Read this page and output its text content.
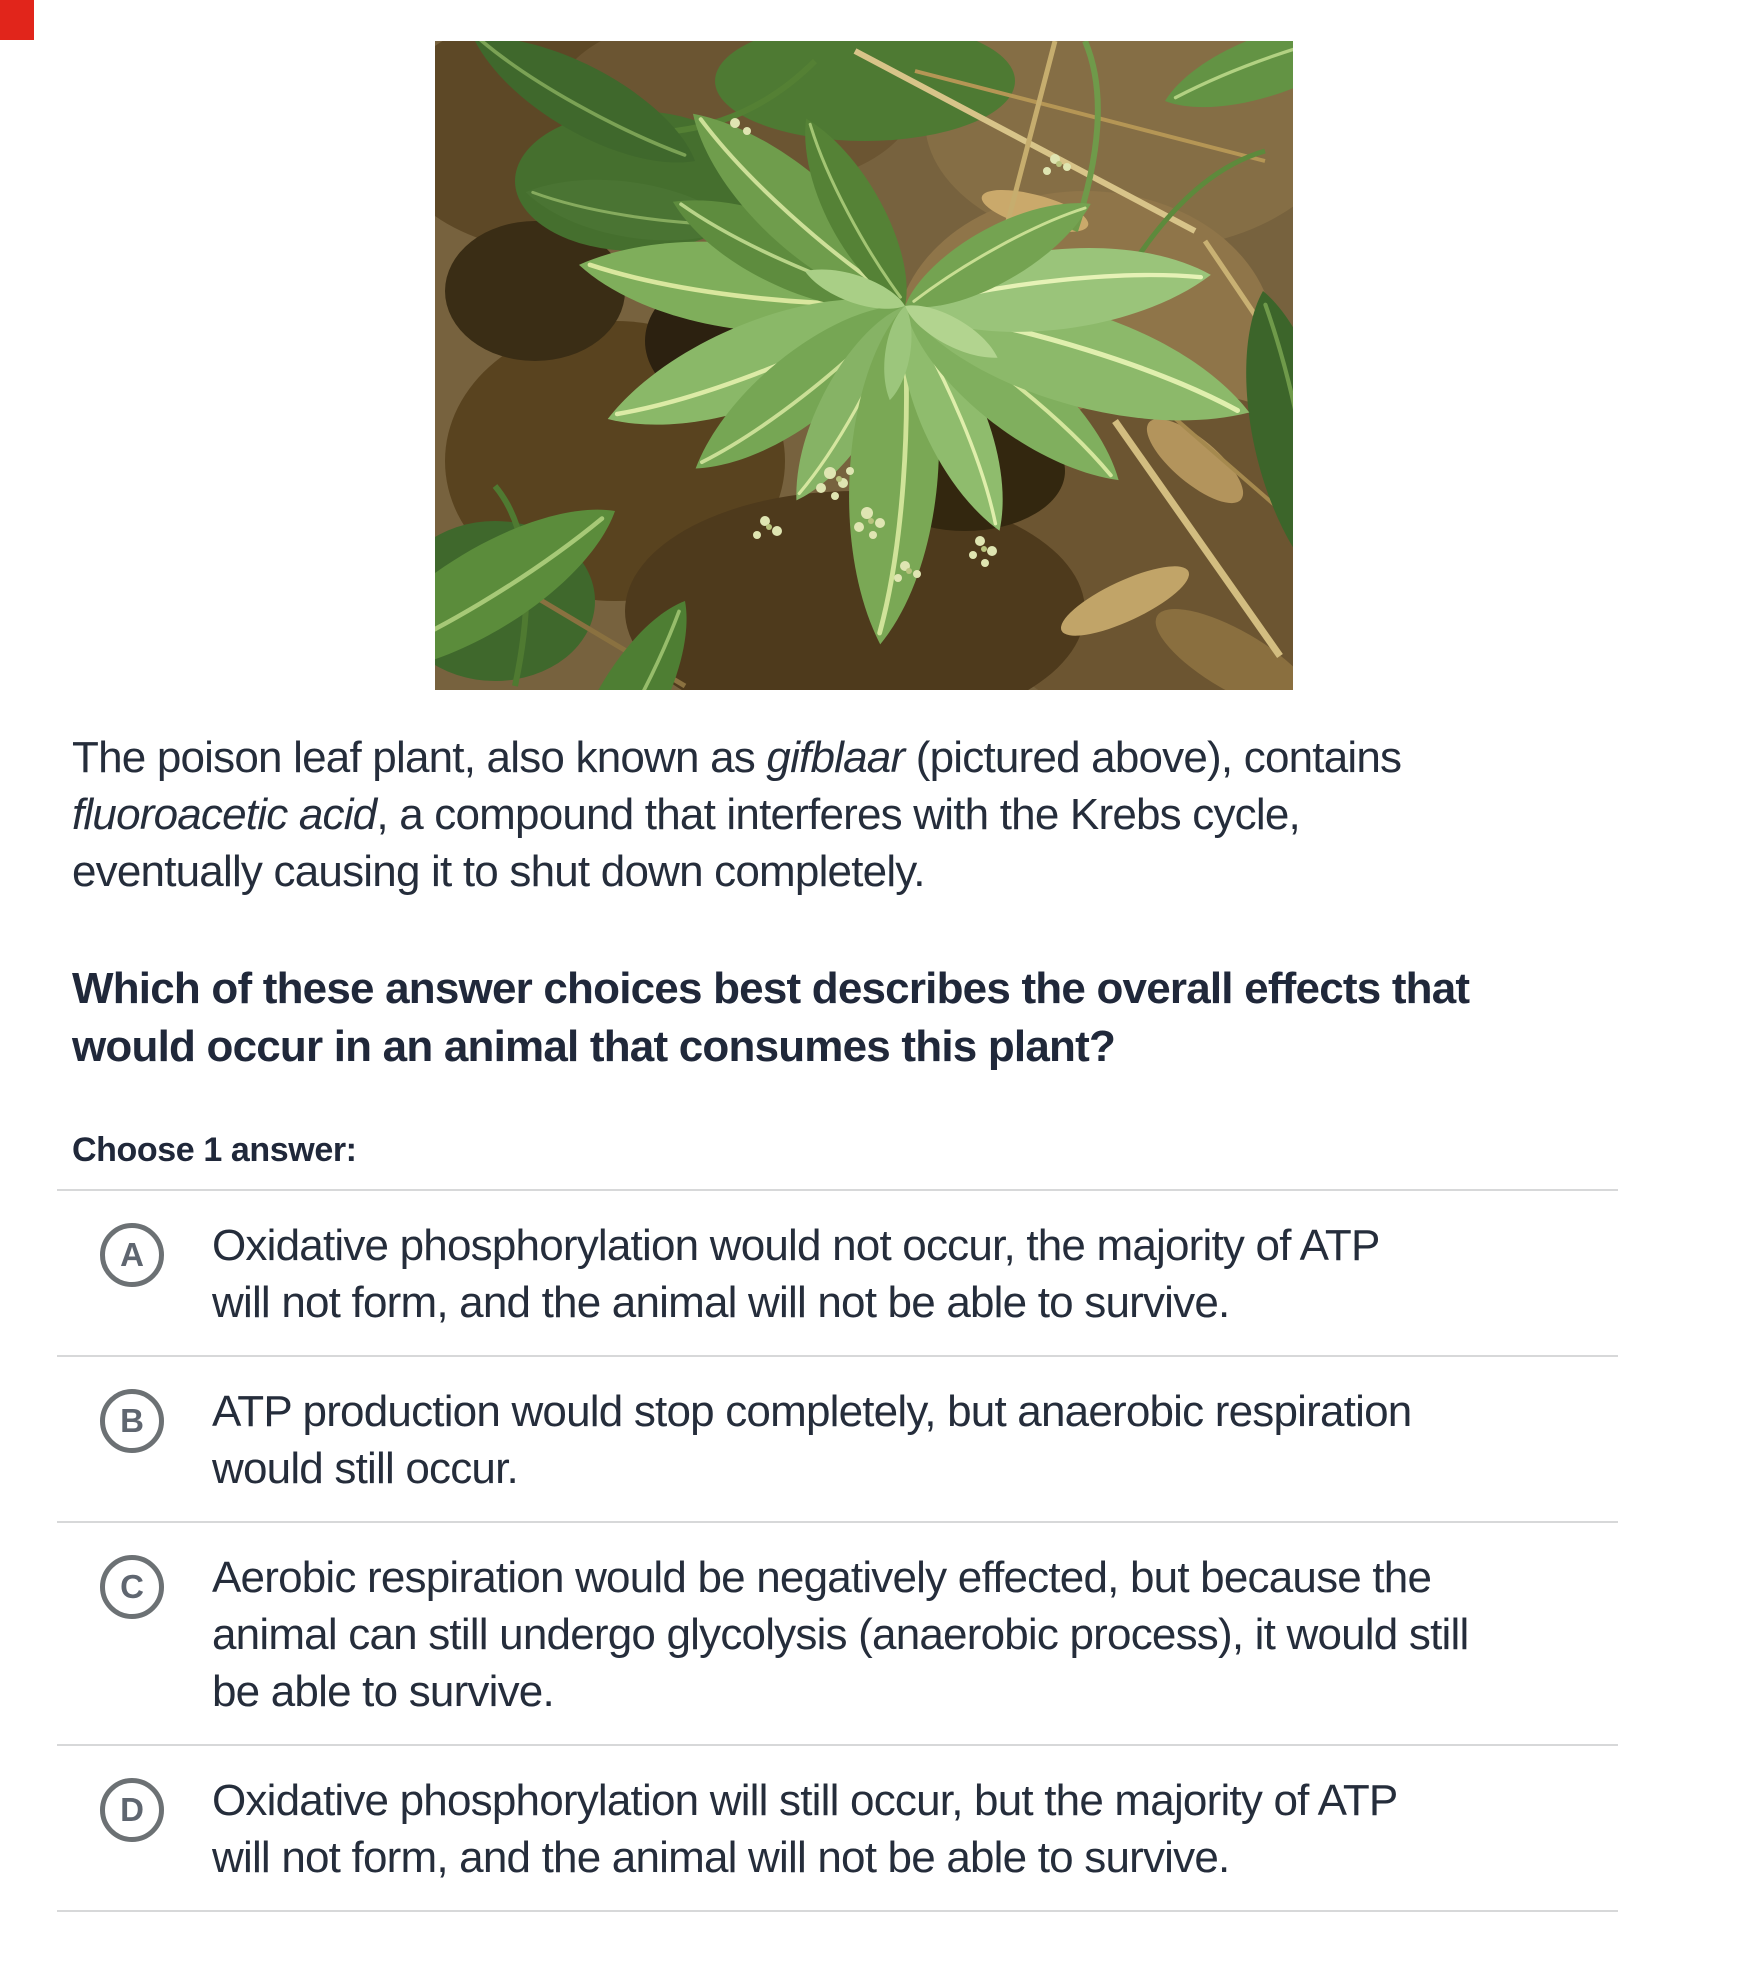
The poison leaf plant, also known as gifblaar (pictured above), contains
fluoroacetic acid, a compound that interferes with the Krebs cycle,
eventually causing it to shut down completely.

Which of these answer choices best describes the overall effects that
would occur in an animal that consumes this plant?

Choose 1 answer:

A Oxidative phosphorylation would not occur, the majority of ATP
will not form, and the animal will not be able to survive.
B ATP production would stop completely, but anaerobic respiration
would still occur.
C Aerobic respiration would be negatively effected, but because the
animal can still undergo glycolysis (anaerobic process), it would still
be able to survive.
D Oxidative phosphorylation will still occur, but the majority of ATP
will not form, and the animal will not be able to survive.
